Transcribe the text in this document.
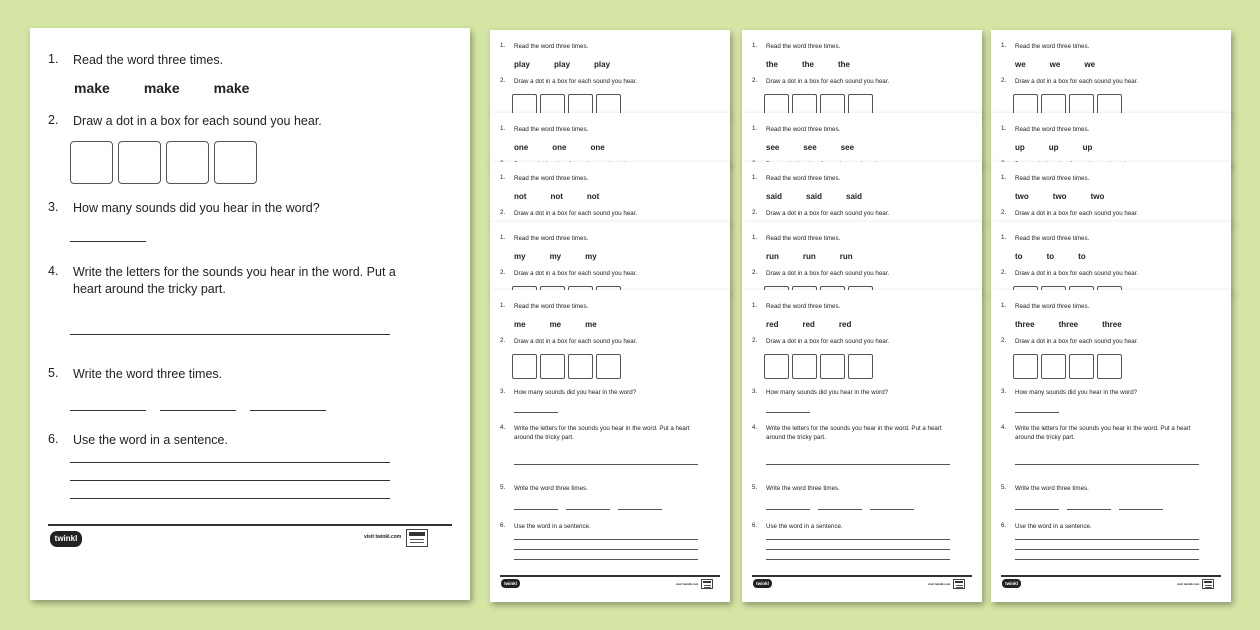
1.	Read the word three times.
make make make
2.	Draw a dot in a box for each sound you hear.
3.	How many sounds did you hear in the word?
4.	Write the letters for the sounds you hear in the word. Put a heart around the tricky part.
5.	Write the word three times.
6.	Use the word in a sentence.
twinkl	visit twinkl.com
1.	Read the word three times.
play	play	play
2.	Draw a dot in a box for each sound you hear.
1.	Read the word three times.
one	one	one
1.	Read the word three times.
not	not	not
2.	Draw a dot in a box for each sound you hear.
1.	Read the word three times.
my	my	my
2.	Draw a dot in a box for each sound you hear.
1.	Read the word three times.
me	me	me
2.	Draw a dot in a box for each sound you hear.
3.	How many sounds did you hear in the word?
4.	Write the letters for the sounds you hear in the word. Put a heart around the tricky part.
5.	Write the word three times.
6.	Use the word in a sentence.
twinkl	visit twinkl.com
1.	Read the word three times.
the	the	the
2.	Draw a dot in a box for each sound you hear.
1.	Read the word three times.
see	see	see
1.	Read the word three times.
said	said	said
2.	Draw a dot in a box for each sound you hear.
1.	Read the word three times.
run	run	run
2.	Draw a dot in a box for each sound you hear.
1.	Read the word three times.
red	red	red
2.	Draw a dot in a box for each sound you hear.
3.	How many sounds did you hear in the word?
4.	Write the letters for the sounds you hear in the word. Put a heart around the tricky part.
5.	Write the word three times.
6.	Use the word in a sentence.
twinkl	visit twinkl.com
1.	Read the word three times.
we	we	we
2.	Draw a dot in a box for each sound you hear.
1.	Read the word three times.
up	up	up
1.	Read the word three times.
two	two	two
2.	Draw a dot in a box for each sound you hear.
1.	Read the word three times.
to	to	to
2.	Draw a dot in a box for each sound you hear.
1.	Read the word three times.
three	three	three
2.	Draw a dot in a box for each sound you hear.
3.	How many sounds did you hear in the word?
4.	Write the letters for the sounds you hear in the word. Put a heart around the tricky part.
5.	Write the word three times.
6.	Use the word in a sentence.
twinkl	visit twinkl.com
